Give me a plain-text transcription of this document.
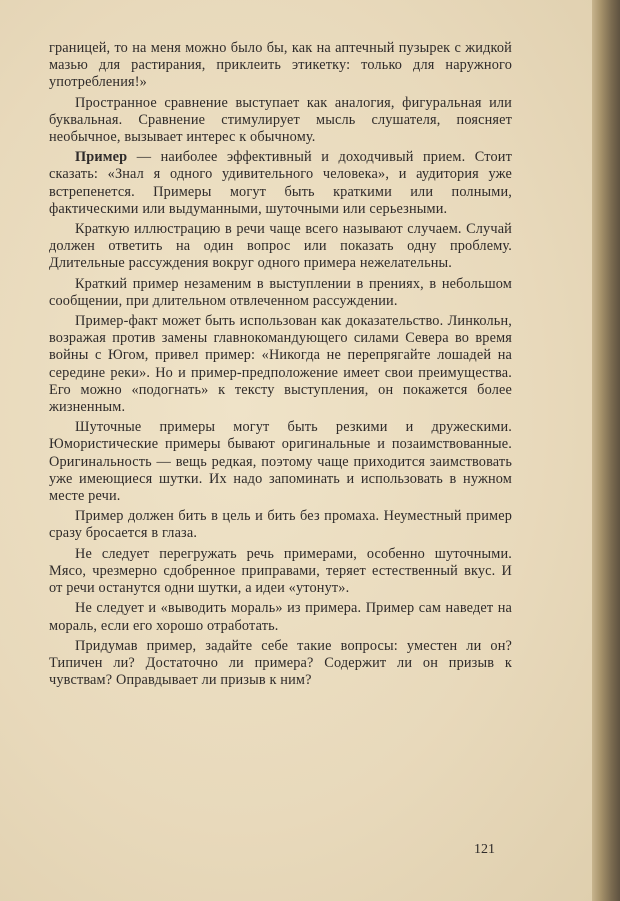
границей, то на меня можно было бы, как на аптечный пузырек с жидкой мазью для растирания, приклеить этикетку: только для наружного употребления!»

Пространное сравнение выступает как аналогия, фигуральная или буквальная. Сравнение стимулирует мысль слушателя, поясняет необычное, вызывает интерес к обычному.

Пример — наиболее эффективный и доходчивый прием. Стоит сказать: «Знал я одного удивительного человека», и аудитория уже встрепенется. Примеры могут быть краткими или полными, фактическими или выдуманными, шуточными или серьезными.

Краткую иллюстрацию в речи чаще всего называют случаем. Случай должен ответить на один вопрос или показать одну проблему. Длительные рассуждения вокруг одного примера нежелательны.

Краткий пример незаменим в выступлении в прениях, в небольшом сообщении, при длительном отвлеченном рассуждении.

Пример-факт может быть использован как доказательство. Линкольн, возражая против замены главнокомандующего силами Севера во время войны с Югом, привел пример: «Никогда не перепрягайте лошадей на середине реки». Но и пример-предположение имеет свои преимущества. Его можно «подогнать» к тексту выступления, он покажется более жизненным.

Шуточные примеры могут быть резкими и дружескими. Юмористические примеры бывают оригинальные и позаимствованные. Оригинальность — вещь редкая, поэтому чаще приходится заимствовать уже имеющиеся шутки. Их надо запоминать и использовать в нужном месте речи.

Пример должен бить в цель и бить без промаха. Неуместный пример сразу бросается в глаза.

Не следует перегружать речь примерами, особенно шуточными. Мясо, чрезмерно сдобренное приправами, теряет естественный вкус. И от речи останутся одни шутки, а идеи «утонут».

Не следует и «выводить мораль» из примера. Пример сам наведет на мораль, если его хорошо отработать.

Придумав пример, задайте себе такие вопросы: уместен ли он? Типичен ли? Достаточно ли примера? Содержит ли он призыв к чувствам? Оправдывает ли призыв к ним?

121
